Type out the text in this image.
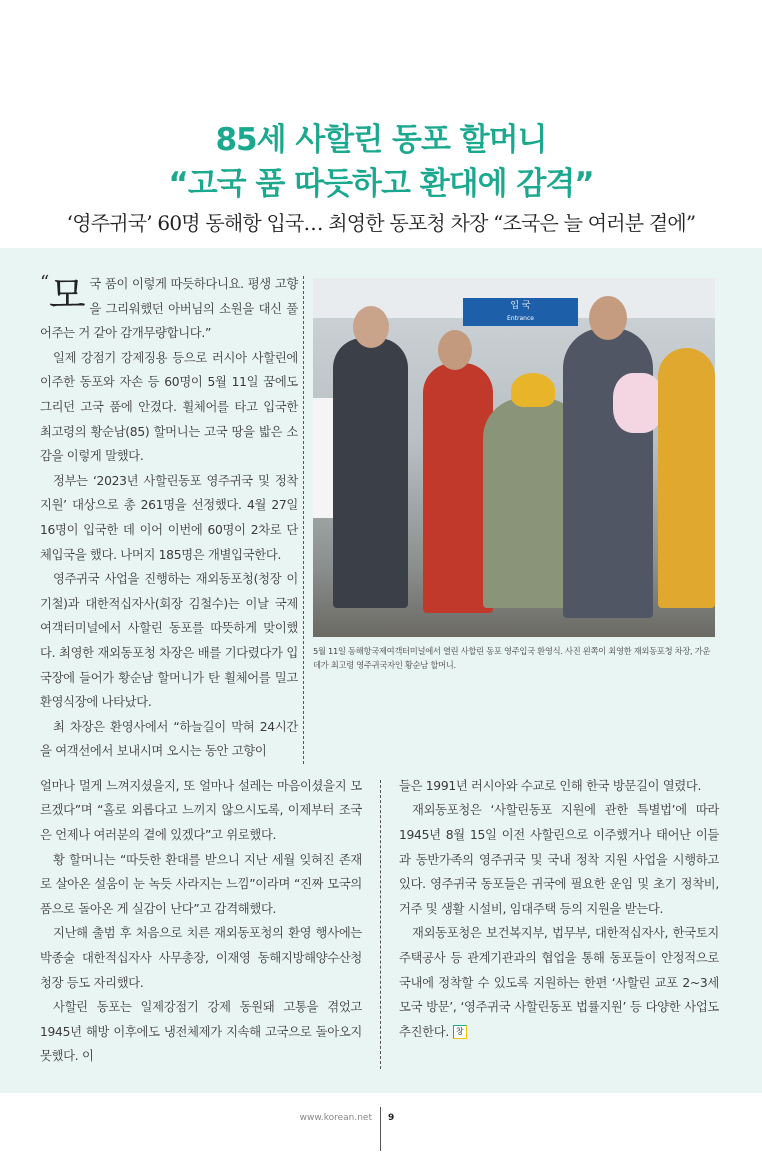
85세 사할린 동포 할머니
“고국 품 따듯하고 환대에 감격”
‘영주귀국’ 60명 동해항 입국… 최영한 동포청 차장 “조국은 늘 여러분 곁에”

“모 국 품이 이렇게 따듯하다니요. 평생 고향을 그리워했던 아버님의 소원을 대신 풀어주는 거 같아 감개무량합니다.”

일제 강점기 강제징용 등으로 러시아 사할린에 이주한 동포와 자손 등 60명이 5월 11일 꿈에도 그리던 고국 품에 안겼다. 휠체어를 타고 입국한 최고령의 황순남(85) 할머니는 고국 땅을 밟은 소감을 이렇게 말했다.

정부는 ‘2023년 사할린동포 영주귀국 및 정착지원’ 대상으로 총 261명을 선정했다. 4월 27일 16명이 입국한 데 이어 이번에 60명이 2차로 단체입국을 했다. 나머지 185명은 개별입국한다.

영주귀국 사업을 진행하는 재외동포청(청장 이기철)과 대한적십자사(회장 김철수)는 이날 국제여객터미널에서 사할린 동포를 따뜻하게 맞이했다. 최영한 재외동포청 차장은 배를 기다렸다가 입국장에 들어가 황순남 할머니가 탄 휠체어를 밀고 환영식장에 나타났다.

최 차장은 환영사에서 “하늘길이 막혀 24시간을 여객선에서 보내시며 오시는 동안 고향이

입 국
Entrance
5월 11일 동해항국제여객터미널에서 열린 사할린 동포 영주입국 환영식. 사진 왼쪽이 최영한 재외동포청 차장, 가운데가 최고령 영주귀국자인 황순남 할머니.

얼마나 멀게 느껴지셨을지, 또 얼마나 설레는 마음이셨을지 모르겠다”며 “홀로 외롭다고 느끼지 않으시도록, 이제부터 조국은 언제나 여러분의 곁에 있겠다”고 위로했다.

황 할머니는 “따듯한 환대를 받으니 지난 세월 잊혀진 존재로 살아온 설움이 눈 녹듯 사라지는 느낌”이라며 “진짜 모국의 품으로 돌아온 게 실감이 난다”고 감격해했다.

지난해 출범 후 처음으로 치른 재외동포청의 환영 행사에는 박종술 대한적십자사 사무총장, 이재영 동해지방해양수산청 청장 등도 자리했다.

사할린 동포는 일제강점기 강제 동원돼 고통을 겪었고 1945년 해방 이후에도 냉전체제가 지속해 고국으로 돌아오지 못했다. 이

들은 1991년 러시아와 수교로 인해 한국 방문길이 열렸다.

재외동포청은 ‘사할린동포 지원에 관한 특별법’에 따라 1945년 8월 15일 이전 사할린으로 이주했거나 태어난 이들과 동반가족의 영주귀국 및 국내 정착 지원 사업을 시행하고 있다. 영주귀국 동포들은 귀국에 필요한 운임 및 초기 정착비, 거주 및 생활 시설비, 임대주택 등의 지원을 받는다.

재외동포청은 보건복지부, 법무부, 대한적십자사, 한국토지주택공사 등 관계기관과의 협업을 통해 동포들이 안정적으로 국내에 정착할 수 있도록 지원하는 한편 ‘사할린 교포 2~3세 모국 방문’, ‘영주귀국 사할린동포 법률지원’ 등 다양한 사업도 추진한다. 창

www.korean.net 9
